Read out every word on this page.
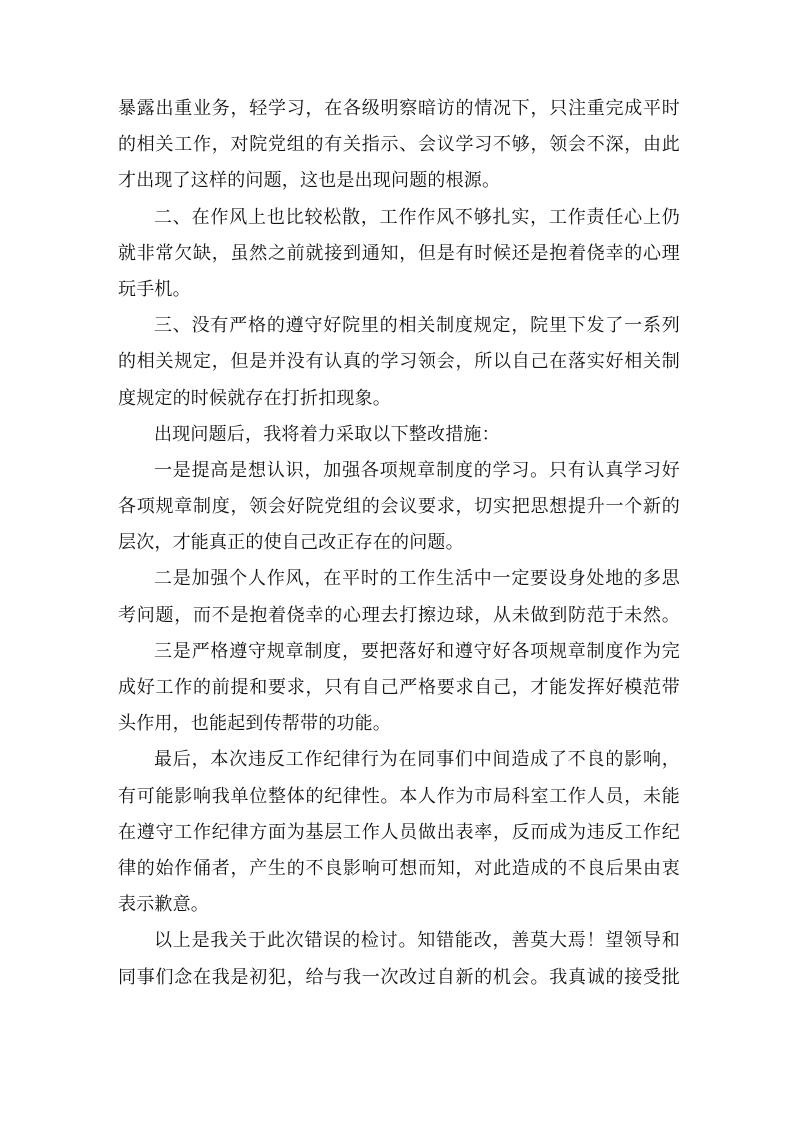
暴露出重业务，轻学习，在各级明察暗访的情况下，只注重完成平时
的相关工作，对院党组的有关指示、会议学习不够，领会不深，由此
才出现了这样的问题，这也是出现问题的根源。
二、在作风上也比较松散，工作作风不够扎实，工作责任心上仍
就非常欠缺，虽然之前就接到通知，但是有时候还是抱着侥幸的心理
玩手机。
三、没有严格的遵守好院里的相关制度规定，院里下发了一系列
的相关规定，但是并没有认真的学习领会，所以自己在落实好相关制
度规定的时候就存在打折扣现象。
出现问题后，我将着力采取以下整改措施：
一是提高是想认识，加强各项规章制度的学习。只有认真学习好
各项规章制度，领会好院党组的会议要求，切实把思想提升一个新的
层次，才能真正的使自己改正存在的问题。
二是加强个人作风，在平时的工作生活中一定要设身处地的多思
考问题，而不是抱着侥幸的心理去打擦边球，从未做到防范于未然。
三是严格遵守规章制度，要把落好和遵守好各项规章制度作为完
成好工作的前提和要求，只有自己严格要求自己，才能发挥好模范带
头作用，也能起到传帮带的功能。
最后，本次违反工作纪律行为在同事们中间造成了不良的影响，
有可能影响我单位整体的纪律性。本人作为市局科室工作人员，未能
在遵守工作纪律方面为基层工作人员做出表率，反而成为违反工作纪
律的始作俑者，产生的不良影响可想而知，对此造成的不良后果由衷
表示歉意。
以上是我关于此次错误的检讨。知错能改，善莫大焉！望领导和
同事们念在我是初犯，给与我一次改过自新的机会。我真诚的接受批
